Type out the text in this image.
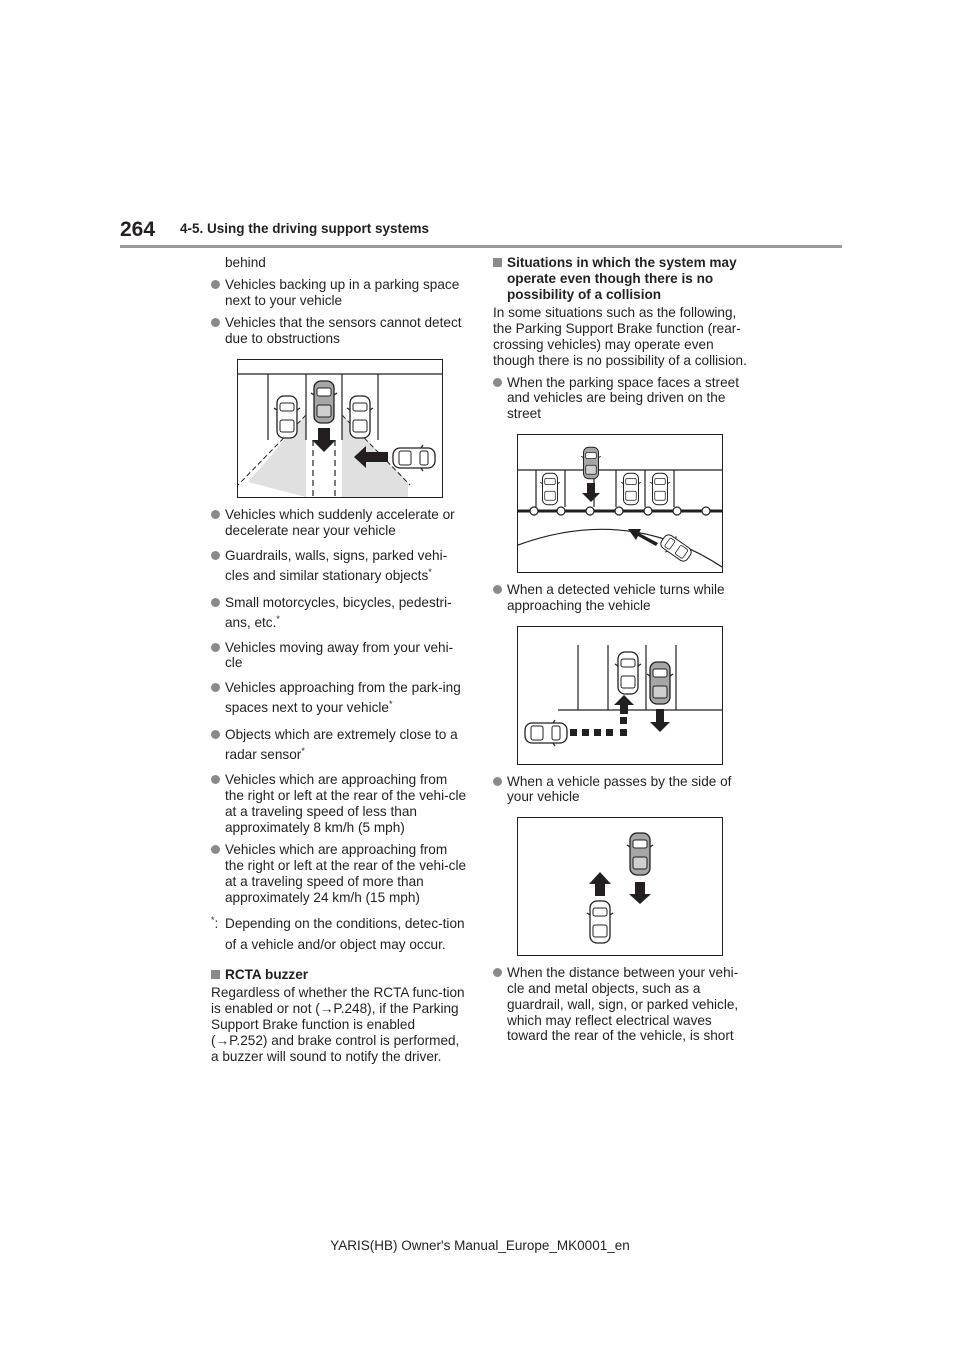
264 4-5. Using the driving support systems

behind

Vehicles backing up in a parking space next to your vehicle
Vehicles that the sensors cannot detect due to obstructions
Vehicles which suddenly accelerate or decelerate near your vehicle
Guardrails, walls, signs, parked vehi-cles and similar stationary objects*
Small motorcycles, bicycles, pedestri-ans, etc.*
Vehicles moving away from your vehi-cle
Vehicles approaching from the park-ing spaces next to your vehicle*
Objects which are extremely close to a radar sensor*
Vehicles which are approaching from the right or left at the rear of the vehi-cle at a traveling speed of less than approximately 8 km/h (5 mph)
Vehicles which are approaching from the right or left at the rear of the vehi-cle at a traveling speed of more than approximately 24 km/h (15 mph)
*: Depending on the conditions, detec-tion of a vehicle and/or object may occur.
RCTA buzzer

Regardless of whether the RCTA func-tion is enabled or not (→P.248), if the Parking Support Brake function is enabled (→P.252) and brake control is performed, a buzzer will sound to notify the driver.

Situations in which the system may operate even though there is no possibility of a collision

In some situations such as the following, the Parking Support Brake function (rear-crossing vehicles) may operate even though there is no possibility of a collision.

When the parking space faces a street and vehicles are being driven on the street
When a detected vehicle turns while approaching the vehicle
When a vehicle passes by the side of your vehicle
When the distance between your vehi-cle and metal objects, such as a guardrail, wall, sign, or parked vehicle, which may reflect electrical waves toward the rear of the vehicle, is short
YARIS(HB) Owner's Manual_Europe_MK0001_en
